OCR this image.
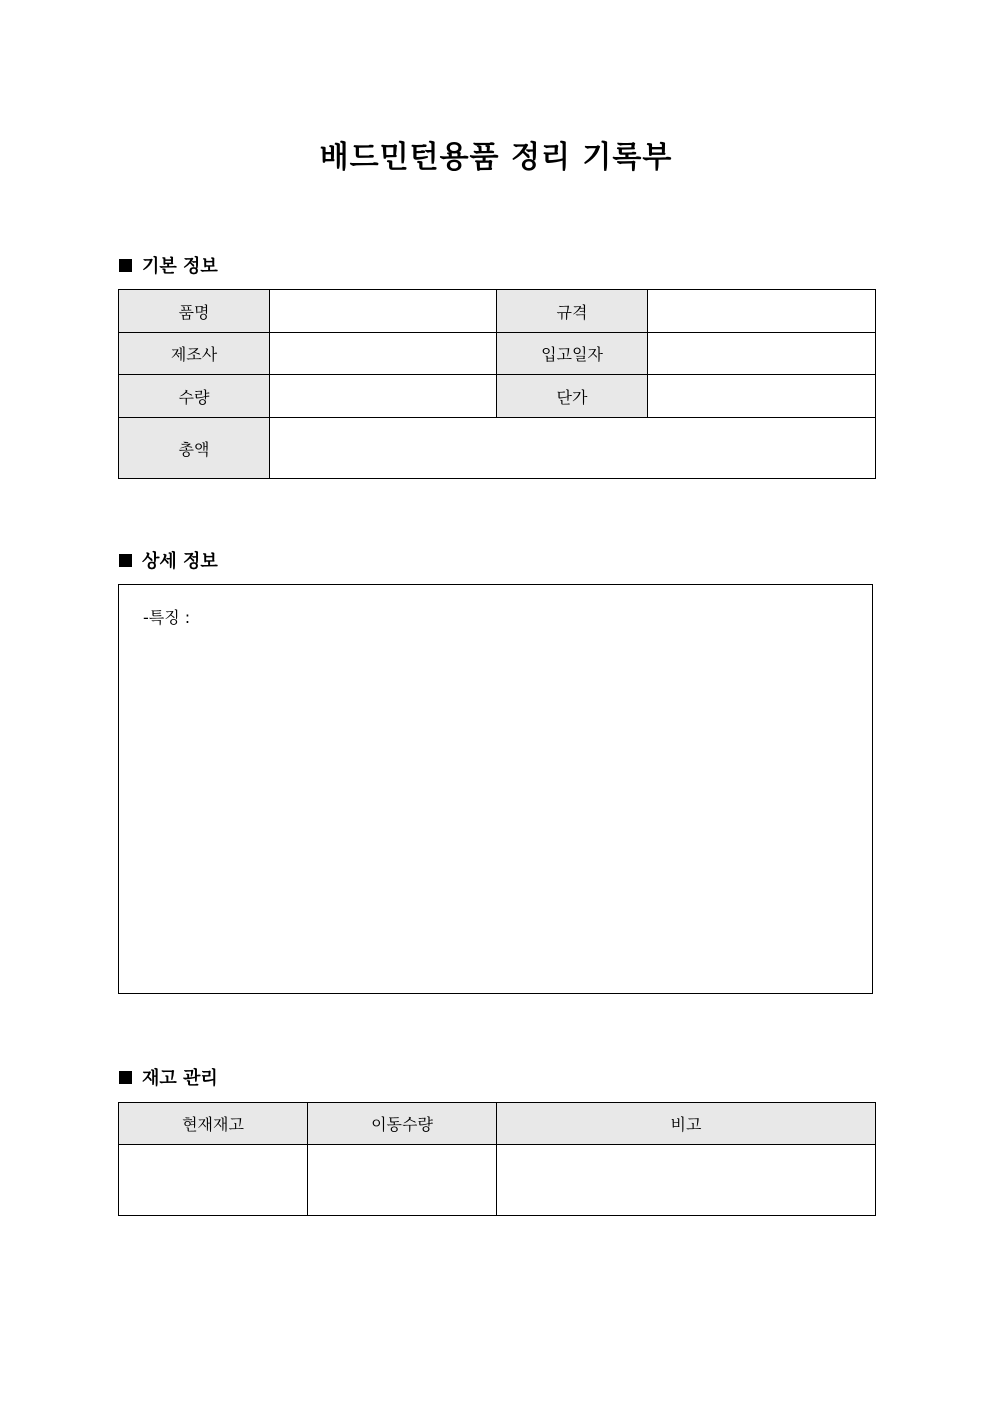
배드민턴용품 정리 기록부
기본 정보
품명		규격	
제조사		입고일자	
수량		단가	
총액			
상세 정보
-특징 :
재고 관리
현재재고	이동수량	비고
